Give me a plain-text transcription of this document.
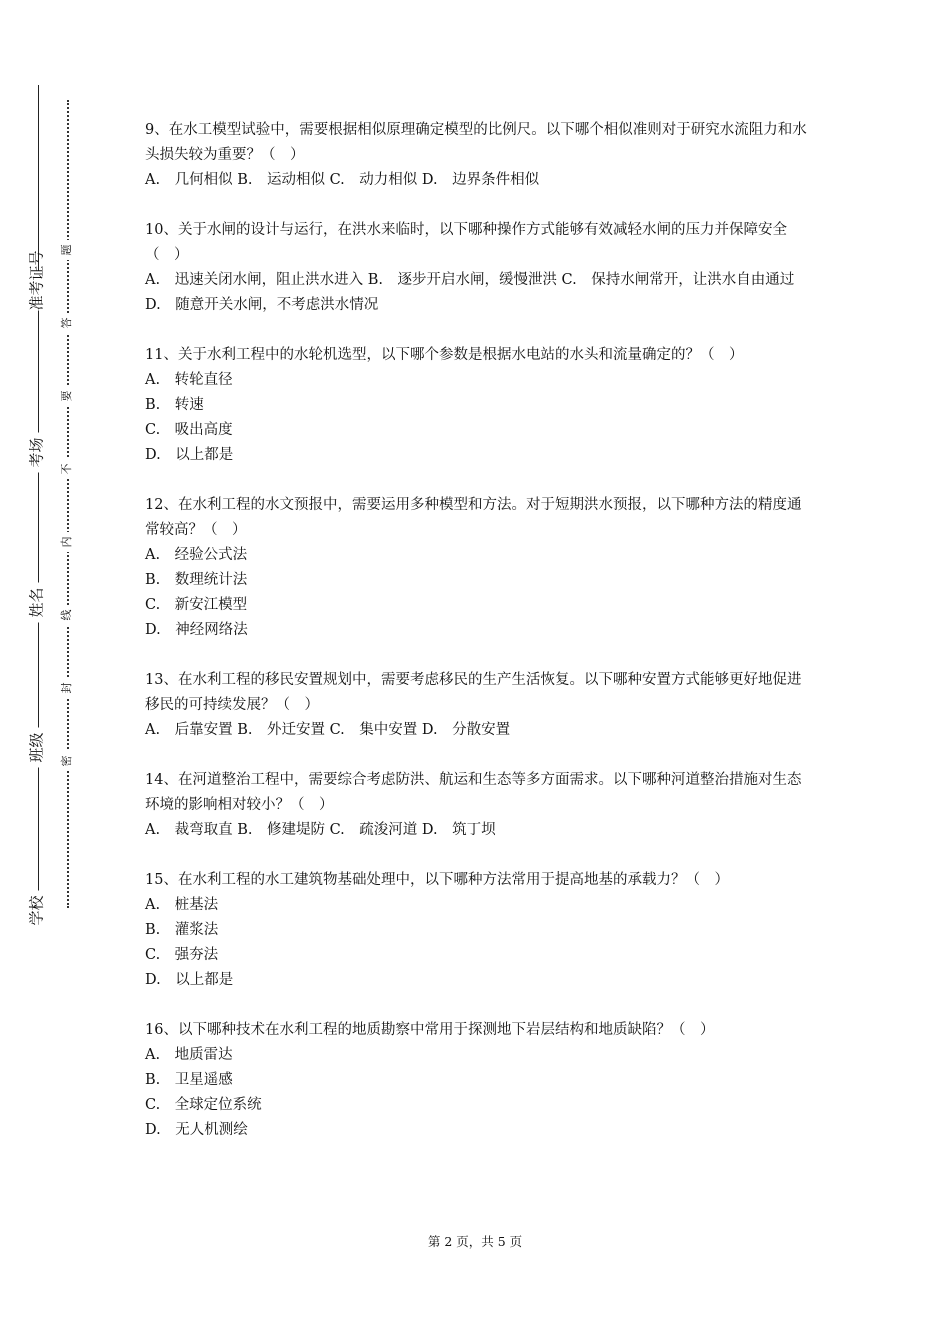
准考证号
考场
姓名
班级
学校
题
答
要
不
内
线
封
密

9、在水工模型试验中，需要根据相似原理确定模型的比例尺。以下哪个相似准则对于研究水流阻力和水头损失较为重要？（　）

A.　几何相似 B.　运动相似 C.　动力相似 D.　边界条件相似

10、关于水闸的设计与运行，在洪水来临时，以下哪种操作方式能够有效减轻水闸的压力并保障安全（　）

A.　迅速关闭水闸，阻止洪水进入 B.　逐步开启水闸，缓慢泄洪 C.　保持水闸常开，让洪水自由通过 D.　随意开关水闸，不考虑洪水情况

11、关于水利工程中的水轮机选型，以下哪个参数是根据水电站的水头和流量确定的？（　）

A.　转轮直径

B.　转速

C.　吸出高度

D.　以上都是

12、在水利工程的水文预报中，需要运用多种模型和方法。对于短期洪水预报，以下哪种方法的精度通常较高？（　）

A.　经验公式法

B.　数理统计法

C.　新安江模型

D.　神经网络法

13、在水利工程的移民安置规划中，需要考虑移民的生产生活恢复。以下哪种安置方式能够更好地促进移民的可持续发展？（　）

A.　后靠安置 B.　外迁安置 C.　集中安置 D.　分散安置

14、在河道整治工程中，需要综合考虑防洪、航运和生态等多方面需求。以下哪种河道整治措施对生态环境的影响相对较小？（　）

A.　裁弯取直 B.　修建堤防 C.　疏浚河道 D.　筑丁坝

15、在水利工程的水工建筑物基础处理中，以下哪种方法常用于提高地基的承载力？（　）

A.　桩基法

B.　灌浆法

C.　强夯法

D.　以上都是

16、以下哪种技术在水利工程的地质勘察中常用于探测地下岩层结构和地质缺陷？（　）

A.　地质雷达

B.　卫星遥感

C.　全球定位系统

D.　无人机测绘

第 2 页，共 5 页
